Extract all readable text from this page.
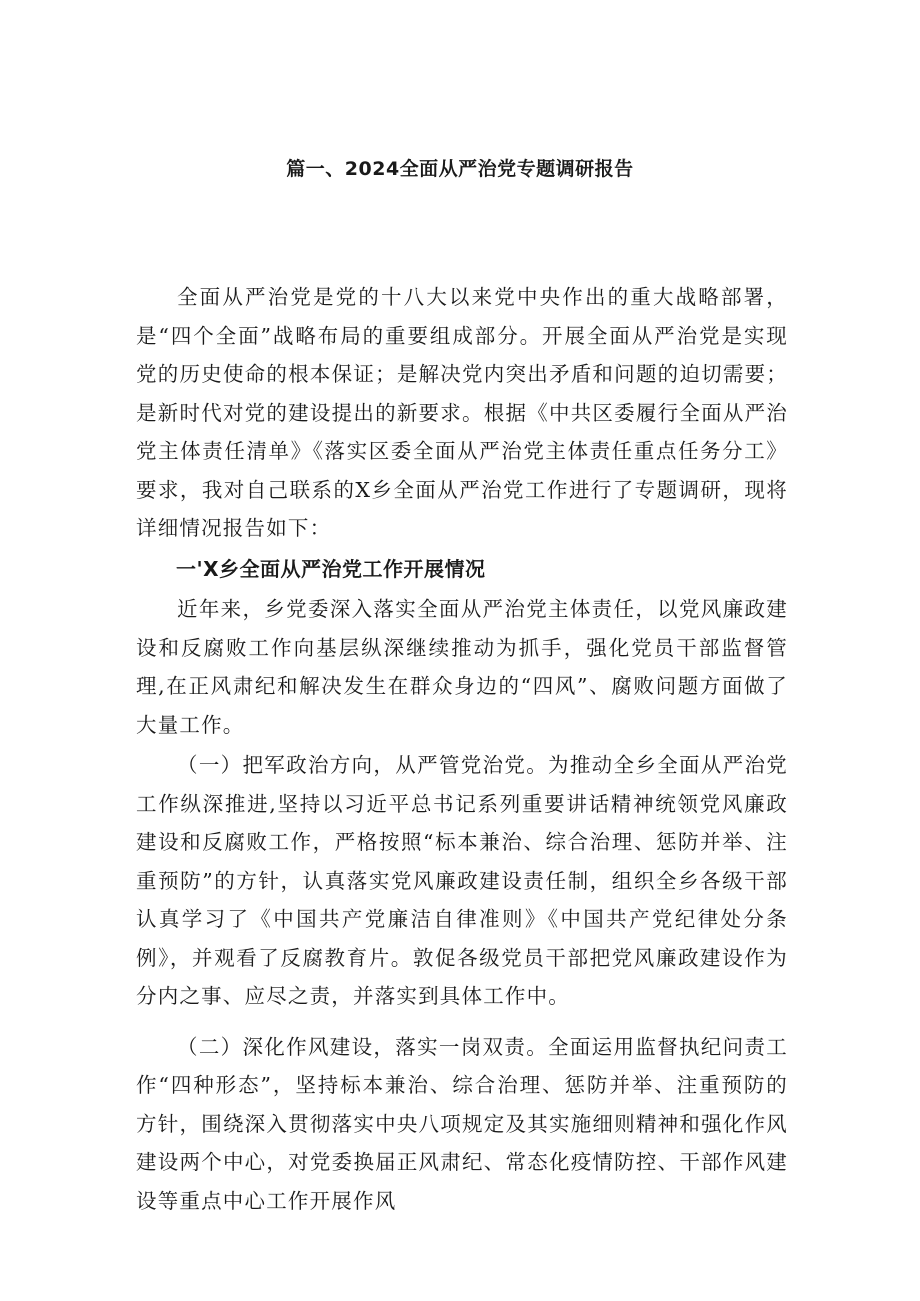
篇一、2024全面从严治党专题调研报告

全面从严治党是党的十八大以来党中央作出的重大战略部署，是“四个全面”战略布局的重要组成部分。开展全面从严治党是实现党的历史使命的根本保证；是解决党内突出矛盾和问题的迫切需要；是新时代对党的建设提出的新要求。根据《中共区委履行全面从严治党主体责任清单》《落实区委全面从严治党主体责任重点任务分工》要求，我对自己联系的X乡全面从严治党工作进行了专题调研，现将详细情况报告如下：

一'X乡全面从严治党工作开展情况

近年来，乡党委深入落实全面从严治党主体责任，以党风廉政建设和反腐败工作向基层纵深继续推动为抓手，强化党员干部监督管理,在正风肃纪和解决发生在群众身边的“四风”、腐败问题方面做了大量工作。

（一）把军政治方向，从严管党治党。为推动全乡全面从严治党工作纵深推进,坚持以习近平总书记系列重要讲话精神统领党风廉政建设和反腐败工作，严格按照“标本兼治、综合治理、惩防并举、注重预防”的方针，认真落实党风廉政建设责任制，组织全乡各级干部认真学习了《中国共产党廉洁自律准则》《中国共产党纪律处分条例》，并观看了反腐教育片。敦促各级党员干部把党风廉政建设作为分内之事、应尽之责，并落实到具体工作中。

（二）深化作风建设，落实一岗双责。全面运用监督执纪问责工作“四种形态”，坚持标本兼治、综合治理、惩防并举、注重预防的方针，围绕深入贯彻落实中央八项规定及其实施细则精神和强化作风建设两个中心，对党委换届正风肃纪、常态化疫情防控、干部作风建设等重点中心工作开展作风
